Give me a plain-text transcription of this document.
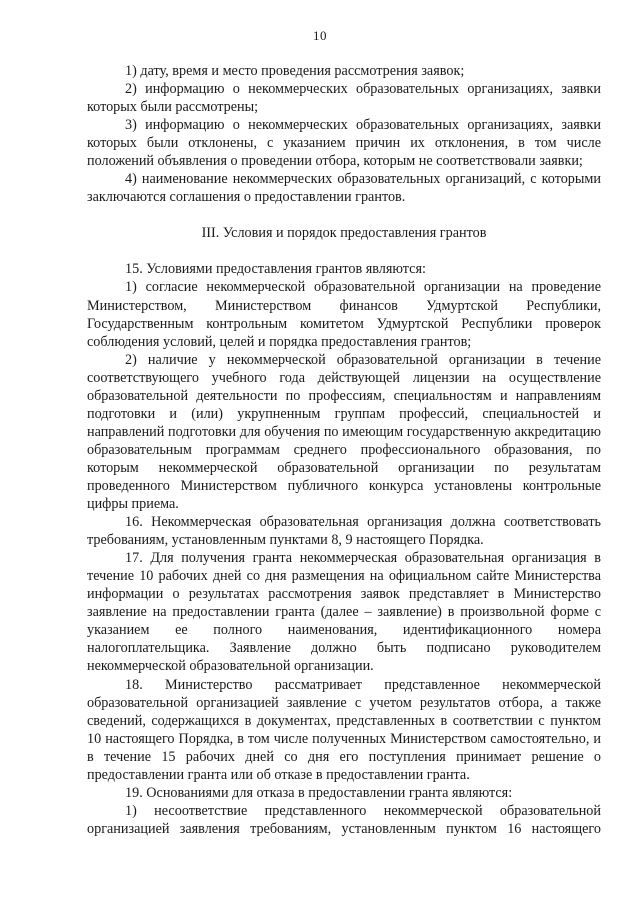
10

1) дату, время и место проведения рассмотрения заявок;

2) информацию о некоммерческих образовательных организациях, заявки которых были рассмотрены;

3) информацию о некоммерческих образовательных организациях, заявки которых были отклонены, с указанием причин их отклонения, в том числе положений объявления о проведении отбора, которым не соответствовали заявки;

4) наименование некоммерческих образовательных организаций, с которыми заключаются соглашения о предоставлении грантов.

III. Условия и порядок предоставления грантов

15. Условиями предоставления грантов являются:

1) согласие некоммерческой образовательной организации на проведение Министерством, Министерством финансов Удмуртской Республики, Государственным контрольным комитетом Удмуртской Республики проверок соблюдения условий, целей и порядка предоставления грантов;

2) наличие у некоммерческой образовательной организации в течение соответствующего учебного года действующей лицензии на осуществление образовательной деятельности по профессиям, специальностям и направлениям подготовки и (или) укрупненным группам профессий, специальностей и направлений подготовки для обучения по имеющим государственную аккредитацию образовательным программам среднего профессионального образования, по которым некоммерческой образовательной организации по результатам проведенного Министерством публичного конкурса установлены контрольные цифры приема.

16. Некоммерческая образовательная организация должна соответствовать требованиям, установленным пунктами 8, 9 настоящего Порядка.

17. Для получения гранта некоммерческая образовательная организация в течение 10 рабочих дней со дня размещения на официальном сайте Министерства информации о результатах рассмотрения заявок представляет в Министерство заявление на предоставлении гранта (далее – заявление) в произвольной форме с указанием ее полного наименования, идентификационного номера налогоплательщика. Заявление должно быть подписано руководителем некоммерческой образовательной организации.

18. Министерство рассматривает представленное некоммерческой образовательной организацией заявление с учетом результатов отбора, а также сведений, содержащихся в документах, представленных в соответствии с пунктом 10 настоящего Порядка, в том числе полученных Министерством самостоятельно, и в течение 15 рабочих дней со дня его поступления принимает решение о предоставлении гранта или об отказе в предоставлении гранта.

19. Основаниями для отказа в предоставлении гранта являются:

1) несоответствие представленного некоммерческой образовательной организацией заявления требованиям, установленным пунктом 16 настоящего
